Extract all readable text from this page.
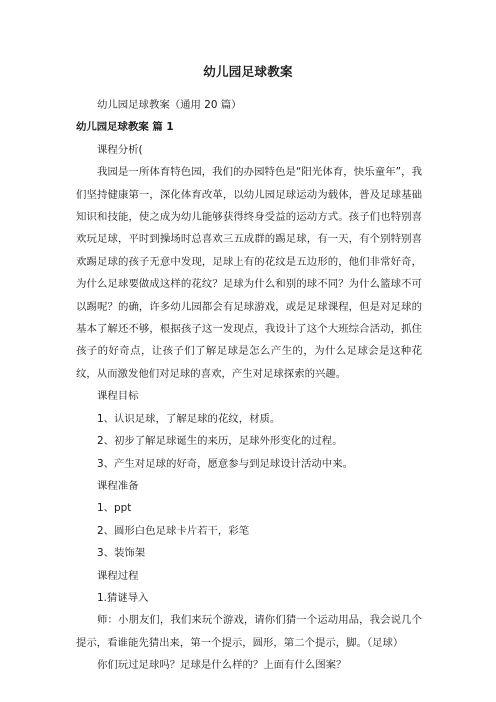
幼儿园足球教案

幼儿园足球教案（通用 20 篇）

幼儿园足球教案 篇 1

课程分析(

我园是一所体育特色园，我们的办园特色是“阳光体育，快乐童年”，我们坚持健康第一，深化体育改革，以幼儿园足球运动为载体，普及足球基础知识和技能，使之成为幼儿能够获得终身受益的运动方式。孩子们也特别喜欢玩足球，平时到操场时总喜欢三五成群的踢足球，有一天，有个别特别喜欢踢足球的孩子无意中发现，足球上有的花纹是五边形的，他们非常好奇，为什么足球要做成这样的花纹？足球为什么和别的球不同？为什么篮球不可以踢呢？的确，许多幼儿园都会有足球游戏，或是足球课程，但是对足球的基本了解还不够，根据孩子这一发现点，我设计了这个大班综合活动，抓住孩子的好奇点，让孩子们了解足球是怎么产生的，为什么足球会是这种花纹，从而激发他们对足球的喜欢，产生对足球探索的兴趣。

课程目标

1、认识足球，了解足球的花纹，材质。

2、初步了解足球诞生的来历，足球外形变化的过程。

3、产生对足球的好奇，愿意参与到足球设计活动中来。

课程准备

1、ppt

2、圆形白色足球卡片若干，彩笔

3、装饰架

课程过程

1.猜谜导入

师：小朋友们，我们来玩个游戏，请你们猜一个运动用品，我会说几个提示，看谁能先猜出来，第一个提示，圆形，第二个提示，脚。（足球）

你们玩过足球吗？足球是什么样的？上面有什么图案？
